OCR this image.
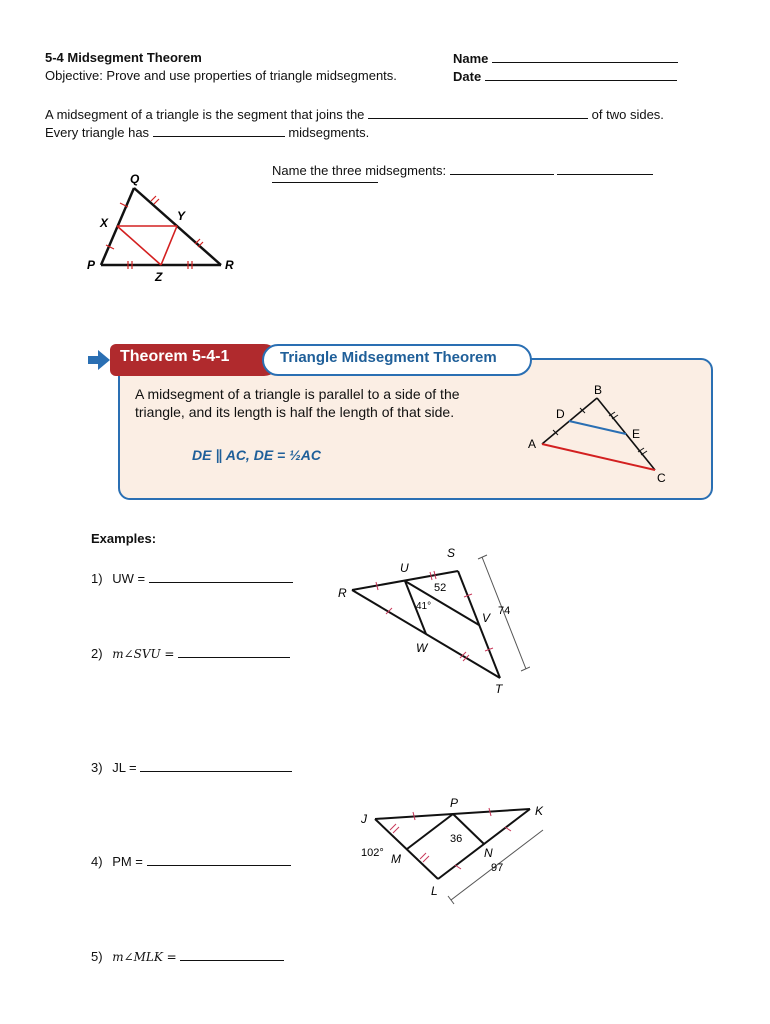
5-4 Midsegment Theorem
Objective: Prove and use properties of triangle midsegments.
Name
Date
A midsegment of a triangle is the segment that joins the	of two sides.
Every triangle has	midsegments.
Name the three midsegments:
Q
X	Y
P
Z
R
Theorem 5-4-1	Triangle Midsegment Theorem
A midsegment of a triangle is parallel to a side of the triangle, and its length is half the length of that side.
DE ∥ AC, DE = ½AC
B
D
E
A
C
Examples:
1) UW =
2) m∠SVU =
3) JL =
4) PM =
5) m∠MLK =
S
U
R
V
W
T
52
41°	74
P
K
J
M	N
L
36
102°
97
